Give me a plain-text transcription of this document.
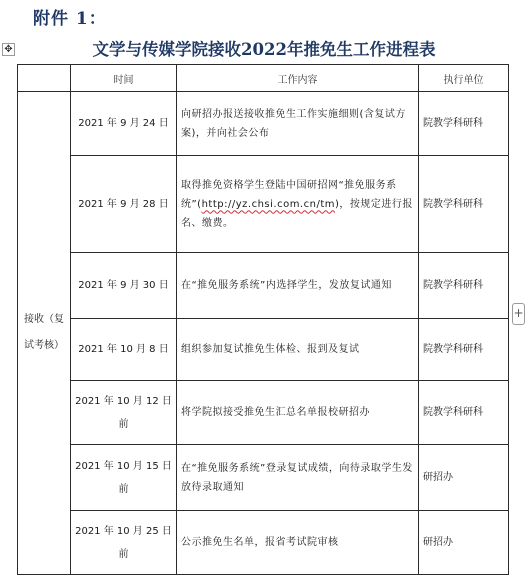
附件 1：
✥	文学与传媒学院接收2022年推免生工作进程表
	时间	工作内容	执行单位
接收（复试考核）	2021 年 9 月 24 日	向研招办报送接收推免生工作实施细则(含复试方案)，并向社会公布	院教学科研科
	2021 年 9 月 28 日	取得推免资格学生登陆中国研招网“推免服务系统”(http://yz.chsi.com.cn/tm)，按规定进行报名、缴费。	院教学科研科
	2021 年 9 月 30 日	在“推免服务系统”内选择学生，发放复试通知	院教学科研科
	2021 年 10 月 8 日	组织参加复试推免生体检、报到及复试	院教学科研科
	2021 年 10 月 12 日前	将学院拟接受推免生汇总名单报校研招办	院教学科研科
	2021 年 10 月 15 日前	在“推免服务系统”登录复试成绩，向待录取学生发放待录取通知	研招办
	2021 年 10 月 25 日前	公示推免生名单，报省考试院审核	研招办
+
